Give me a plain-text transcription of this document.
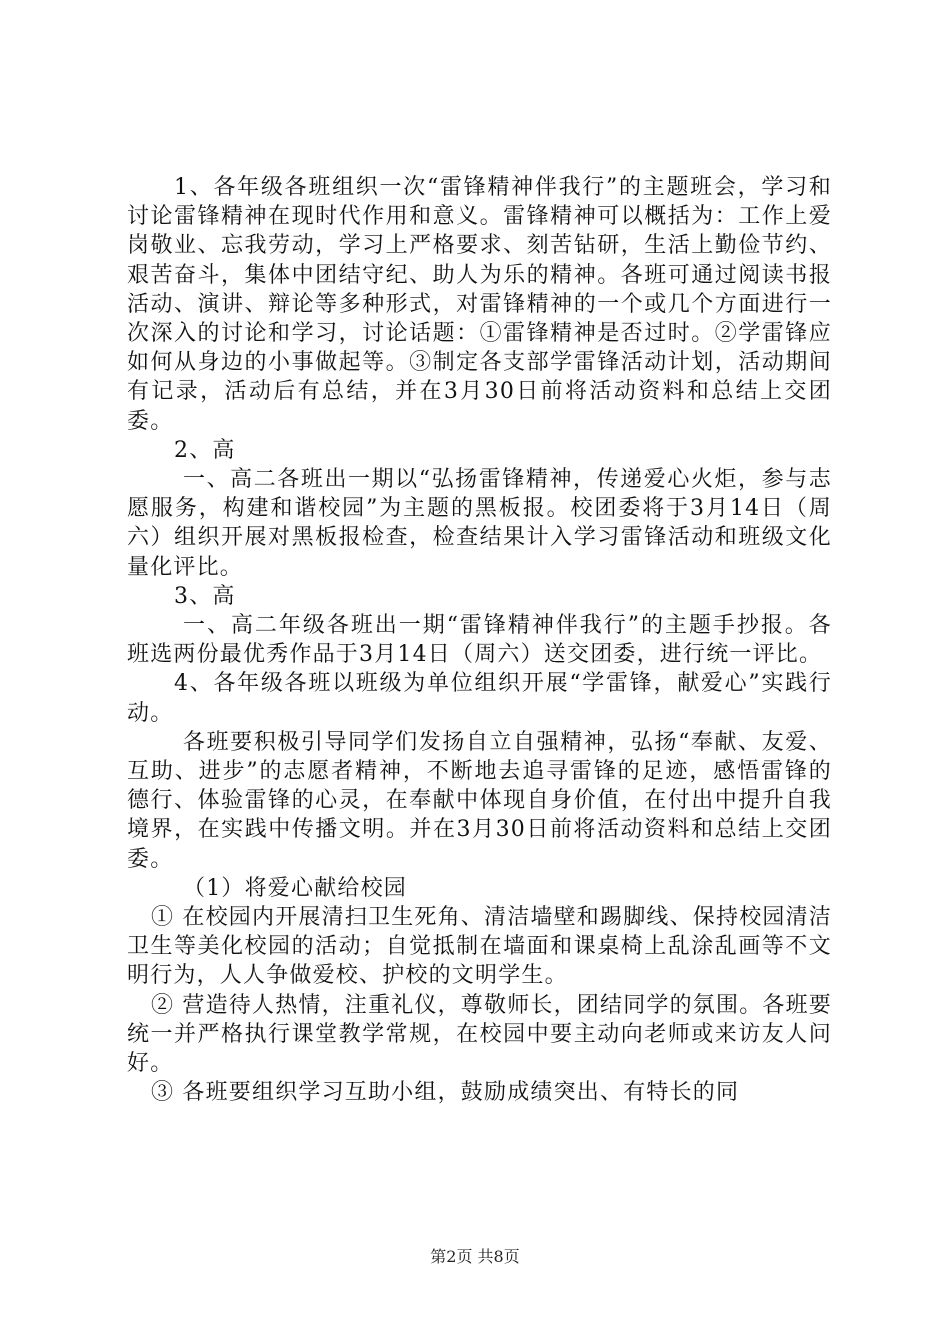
1、各年级各班组织一次“雷锋精神伴我行”的主题班会，学习和讨论雷锋精神在现时代作用和意义。雷锋精神可以概括为：工作上爱岗敬业、忘我劳动，学习上严格要求、刻苦钻研，生活上勤俭节约、艰苦奋斗，集体中团结守纪、助人为乐的精神。各班可通过阅读书报活动、演讲、辩论等多种形式，对雷锋精神的一个或几个方面进行一次深入的讨论和学习，讨论话题：①雷锋精神是否过时。②学雷锋应如何从身边的小事做起等。③制定各支部学雷锋活动计划，活动期间有记录，活动后有总结，并在3月30日前将活动资料和总结上交团委。

2、高

一、高二各班出一期以“弘扬雷锋精神，传递爱心火炬，参与志愿服务，构建和谐校园”为主题的黑板报。校团委将于3月14日（周六）组织开展对黑板报检查，检查结果计入学习雷锋活动和班级文化量化评比。

3、高

一、高二年级各班出一期“雷锋精神伴我行”的主题手抄报。各班选两份最优秀作品于3月14日（周六）送交团委，进行统一评比。

4、各年级各班以班级为单位组织开展“学雷锋，献爱心”实践行动。

各班要积极引导同学们发扬自立自强精神，弘扬“奉献、友爱、互助、进步”的志愿者精神，不断地去追寻雷锋的足迹，感悟雷锋的德行、体验雷锋的心灵，在奉献中体现自身价值，在付出中提升自我境界，在实践中传播文明。并在3月30日前将活动资料和总结上交团委。

（1）将爱心献给校园

① 在校园内开展清扫卫生死角、清洁墙壁和踢脚线、保持校园清洁卫生等美化校园的活动；自觉抵制在墙面和课桌椅上乱涂乱画等不文明行为，人人争做爱校、护校的文明学生。

② 营造待人热情，注重礼仪，尊敬师长，团结同学的氛围。各班要统一并严格执行课堂教学常规，在校园中要主动向老师或来访友人问好。

③ 各班要组织学习互助小组，鼓励成绩突出、有特长的同

第2页 共8页
